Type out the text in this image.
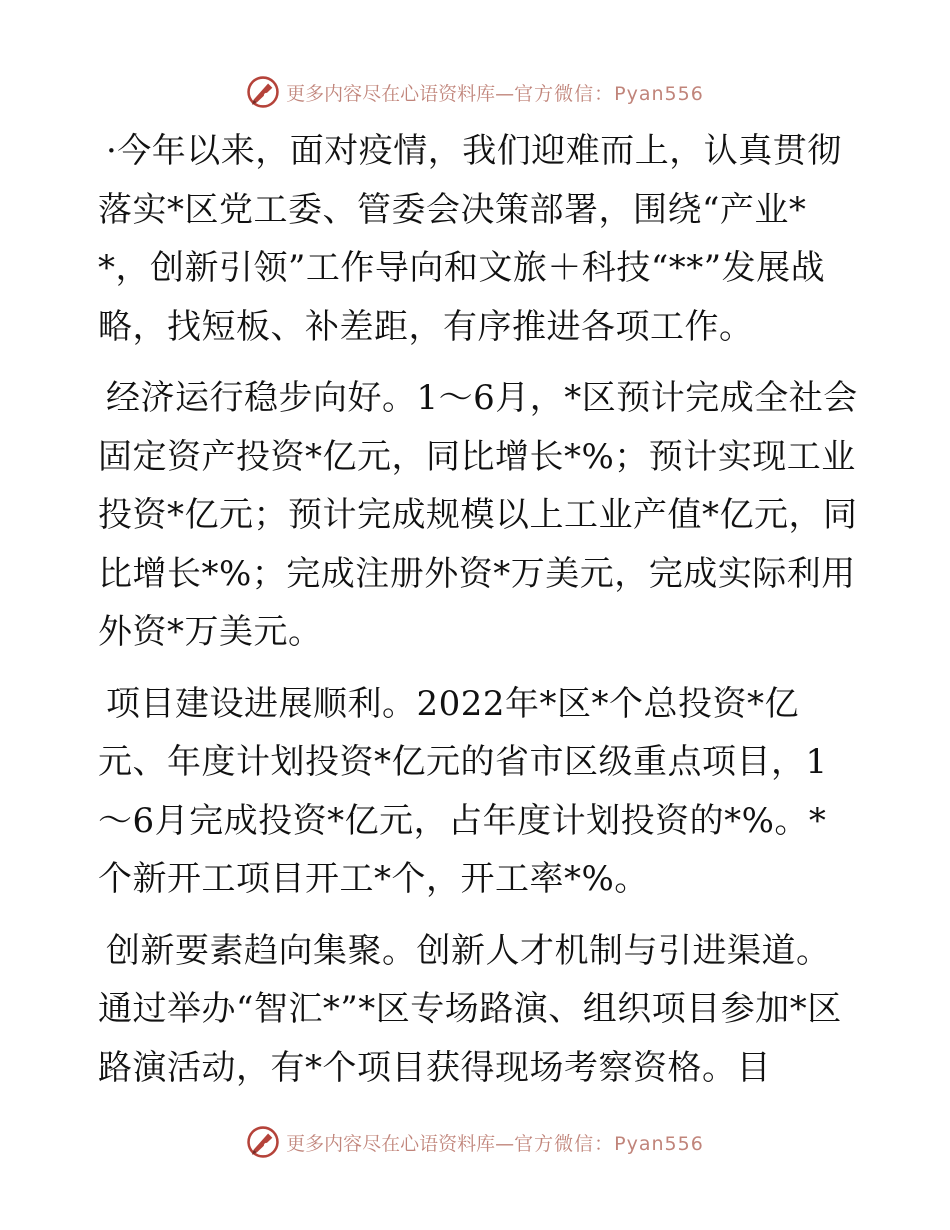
更多内容尽在心语资料库—官方微信：Pyan556

·今年以来，面对疫情，我们迎难而上，认真贯彻落实*区党工委、管委会决策部署，围绕“产业**，创新引领”工作导向和文旅＋科技“**”发展战略，找短板、补差距，有序推进各项工作。

经济运行稳步向好。1～6月，*区预计完成全社会固定资产投资*亿元，同比增长*%；预计实现工业投资*亿元；预计完成规模以上工业产值*亿元，同比增长*%；完成注册外资*万美元，完成实际利用外资*万美元。

项目建设进展顺利。2022年*区*个总投资*亿元、年度计划投资*亿元的省市区级重点项目，1～6月完成投资*亿元，占年度计划投资的*%。*个新开工项目开工*个，开工率*%。

创新要素趋向集聚。创新人才机制与引进渠道。通过举办“智汇*”*区专场路演、组织项目参加*区路演活动，有*个项目获得现场考察资格。目

更多内容尽在心语资料库—官方微信：Pyan556
